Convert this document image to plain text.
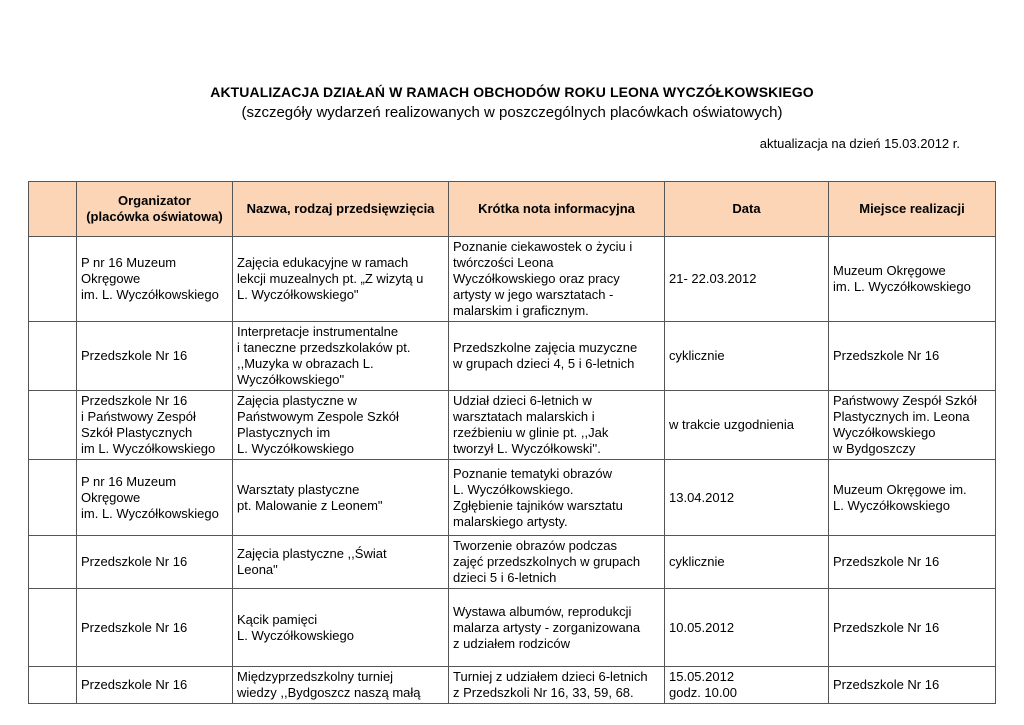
AKTUALIZACJA DZIAŁAŃ W RAMACH OBCHODÓW ROKU LEONA WYCZÓŁKOWSKIEGO
(szczegóły wydarzeń realizowanych w poszczególnych placówkach oświatowych)
aktualizacja na dzień 15.03.2012 r.
	Organizator
(placówka oświatowa)	Nazwa, rodzaj przedsięwzięcia	Krótka nota informacyjna	Data	Miejsce realizacji
	P nr 16 Muzeum
Okręgowe
im. L. Wyczółkowskiego	Zajęcia edukacyjne w ramach
lekcji muzealnych pt. „Z wizytą u
L. Wyczółkowskiego"	Poznanie ciekawostek o życiu i
twórczości Leona
Wyczółkowskiego oraz pracy
artysty w jego warsztatach -
malarskim i graficznym.	21- 22.03.2012	Muzeum Okręgowe
im. L. Wyczółkowskiego
	Przedszkole Nr 16	Interpretacje instrumentalne
i taneczne przedszkolaków pt.
,,Muzyka w obrazach L.
Wyczółkowskiego"	Przedszkolne zajęcia muzyczne
w grupach dzieci 4, 5 i 6-letnich	cyklicznie	Przedszkole Nr 16
	Przedszkole Nr 16
i Państwowy Zespół
Szkół Plastycznych
im L. Wyczółkowskiego	Zajęcia plastyczne w
Państwowym Zespole Szkół
Plastycznych im
L. Wyczółkowskiego	Udział dzieci 6-letnich w
warsztatach malarskich i
rzeźbieniu w glinie pt. ,,Jak
tworzył L. Wyczółkowski''.	w trakcie uzgodnienia	Państwowy Zespół Szkół
Plastycznych im. Leona
Wyczółkowskiego
w Bydgoszczy
	P nr 16 Muzeum
Okręgowe
im. L. Wyczółkowskiego	Warsztaty plastyczne
pt. Malowanie z Leonem"	Poznanie tematyki obrazów
L. Wyczółkowskiego.
Zgłębienie tajników warsztatu
malarskiego artysty.	13.04.2012	Muzeum Okręgowe im.
L. Wyczółkowskiego
	Przedszkole Nr 16	Zajęcia plastyczne ,,Świat
Leona"	Tworzenie obrazów podczas
zajęć przedszkolnych w grupach
dzieci 5 i 6-letnich	cyklicznie	Przedszkole Nr 16
	Przedszkole Nr 16	Kącik pamięci
L. Wyczółkowskiego	Wystawa albumów, reprodukcji
malarza artysty - zorganizowana
z udziałem rodziców	10.05.2012	Przedszkole Nr 16
	Przedszkole Nr 16	Międzyprzedszkolny turniej
wiedzy ,,Bydgoszcz naszą małą	Turniej z udziałem dzieci 6-letnich
z Przedszkoli Nr 16, 33, 59, 68.	15.05.2012
godz. 10.00	Przedszkole Nr 16
